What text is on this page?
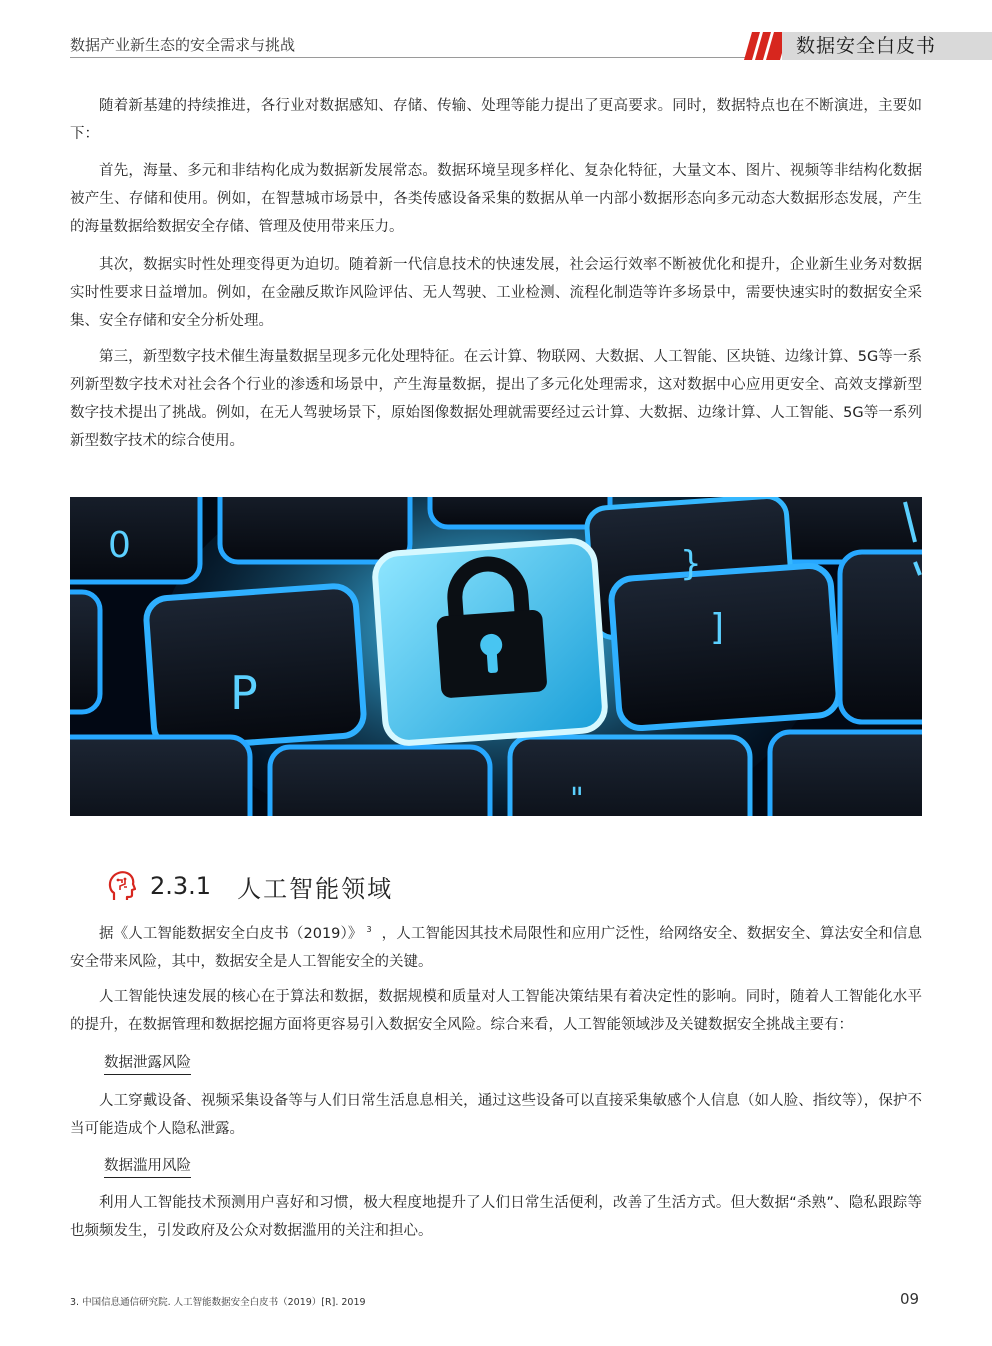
数据产业新生态的安全需求与挑战	数据安全白皮书

随着新基建的持续推进，各行业对数据感知、存储、传输、处理等能力提出了更高要求。同时，数据特点也在不断演进，主要如下：

首先，海量、多元和非结构化成为数据新发展常态。数据环境呈现多样化、复杂化特征，大量文本、图片、视频等非结构化数据被产生、存储和使用。例如，在智慧城市场景中，各类传感设备采集的数据从单一内部小数据形态向多元动态大数据形态发展，产生的海量数据给数据安全存储、管理及使用带来压力。

其次，数据实时性处理变得更为迫切。随着新一代信息技术的快速发展，社会运行效率不断被优化和提升，企业新生业务对数据实时性要求日益增加。例如，在金融反欺诈风险评估、无人驾驶、工业检测、流程化制造等许多场景中，需要快速实时的数据安全采集、安全存储和安全分析处理。

第三，新型数字技术催生海量数据呈现多元化处理特征。在云计算、物联网、大数据、人工智能、区块链、边缘计算、5G等一系列新型数字技术对社会各个行业的渗透和场景中，产生海量数据，提出了多元化处理需求，这对数据中心应用更安全、高效支撑新型数字技术提出了挑战。例如，在无人驾驶场景下，原始图像数据处理就需要经过云计算、大数据、边缘计算、人工智能、5G等一系列新型数字技术的综合使用。

0	}
]
P
"
2.3.1 人工智能领域

据《人工智能数据安全白皮书（2019）》 $^3$ ，人工智能因其技术局限性和应用广泛性，给网络安全、数据安全、算法安全和信息安全带来风险，其中，数据安全是人工智能安全的关键。

人工智能快速发展的核心在于算法和数据，数据规模和质量对人工智能决策结果有着决定性的影响。同时，随着人工智能化水平的提升，在数据管理和数据挖掘方面将更容易引入数据安全风险。综合来看，人工智能领域涉及关键数据安全挑战主要有：

数据泄露风险

人工穿戴设备、视频采集设备等与人们日常生活息息相关，通过这些设备可以直接采集敏感个人信息（如人脸、指纹等），保护不当可能造成个人隐私泄露。

数据滥用风险

利用人工智能技术预测用户喜好和习惯，极大程度地提升了人们日常生活便利，改善了生活方式。但大数据“杀熟”、隐私跟踪等也频频发生，引发政府及公众对数据滥用的关注和担心。

3. 中国信息通信研究院. 人工智能数据安全白皮书（2019）[R]. 2019	09
